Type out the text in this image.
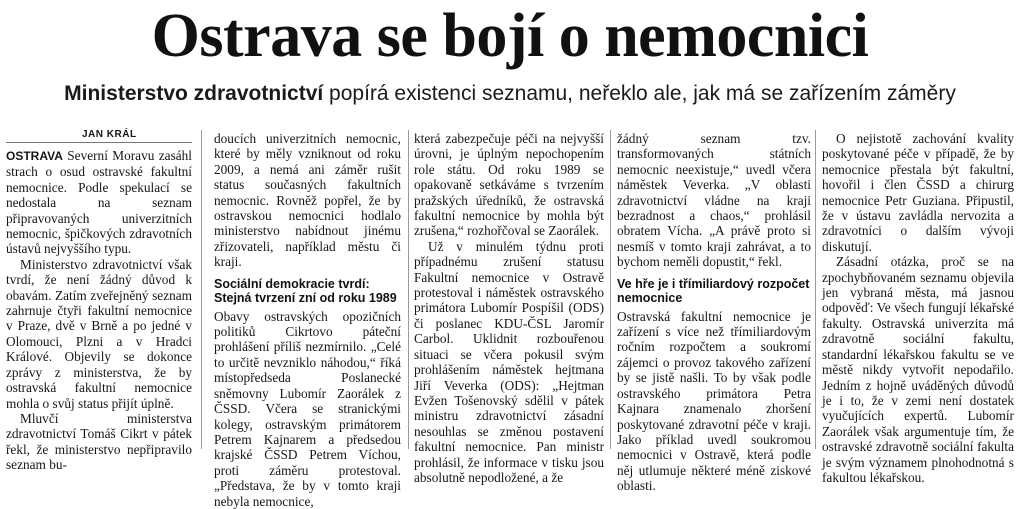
Ostrava se bojí o nemocnici
Ministerstvo zdravotnictví popírá existenci seznamu, neřeklo ale, jak má se zařízením záměry
JAN KRÁL

OSTRAVA Severní Moravu zasáhl strach o osud ostravské fakultní nemocnice. Podle spekulací se nedostala na seznam připravovaných univerzitních nemocnic, špičkových zdravotních ústavů nejvyššího typu.

Ministerstvo zdravotnictví však tvrdí, že není žádný důvod k obavám. Zatím zveřejněný seznam zahrnuje čtyři fakultní nemocnice v Praze, dvě v Brně a po jedné v Olomouci, Plzni a v Hradci Králové. Objevily se dokonce zprávy z ministerstva, že by ostravská fakultní nemocnice mohla o svůj status přijít úplně.

Mluvčí ministerstva zdravotnictví Tomáš Cikrt v pátek řekl, že ministerstvo nepřipravilo seznam bu-

doucích univerzitních nemocnic, které by měly vzniknout od roku 2009, a nemá ani záměr rušit status současných fakultních nemocnic. Rovněž popřel, že by ostravskou nemocnici hodlalo ministerstvo nabídnout jinému zřizovateli, například městu či kraji.

Sociální demokracie tvrdí: Stejná tvrzení zní od roku 1989

Obavy ostravských opozičních politiků Cikrtovo páteční prohlášení příliš nezmírnilo. „Celé to určitě nevzniklo náhodou,“ říká místopředseda Poslanecké sněmovny Lubomír Zaorálek z ČSSD. Včera se stranickými kolegy, ostravským primátorem Petrem Kajnarem a předsedou krajské ČSSD Petrem Víchou, proti záměru protestoval. „Představa, že by v tomto kraji nebyla nemocnice,

která zabezpečuje péči na nejvyšší úrovni, je úplným nepochopením role státu. Od roku 1989 se opakovaně setkáváme s tvrzením pražských úředníků, že ostravská fakultní nemocnice by mohla být zrušena,“ rozhořčoval se Zaorálek.

Už v minulém týdnu proti případnému zrušení statusu Fakultní nemocnice v Ostravě protestoval i náměstek ostravského primátora Lubomír Pospíšil (ODS) či poslanec KDU-ČSL Jaromír Carbol. Uklidnit rozbouřenou situaci se včera pokusil svým prohlášením náměstek hejtmana Jiří Veverka (ODS): „Hejtman Evžen Tošenovský sdělil v pátek ministru zdravotnictví zásadní nesouhlas se změnou postavení fakultní nemocnice. Pan ministr prohlásil, že informace v tisku jsou absolutně nepodložené, a že

žádný seznam tzv. transformovaných státních nemocnic neexistuje,“ uvedl včera náměstek Veverka. „V oblasti zdravotnictví vládne na kraji bezradnost a chaos,“ prohlásil obratem Vícha. „A právě proto si nesmíš v tomto kraji zahrávat, a to bychom neměli dopustit,“ řekl.

Ve hře je i třímiliardový rozpočet nemocnice

Ostravská fakultní nemocnice je zařízení s více než třímiliardovým ročním rozpočtem a soukromí zájemci o provoz takového zařízení by se jistě našli. To by však podle ostravského primátora Petra Kajnara znamenalo zhoršení poskytované zdravotní péče v kraji. Jako příklad uvedl soukromou nemocnici v Ostravě, která podle něj utlumuje některé méně ziskové oblasti.

O nejistotě zachování kvality poskytované péče v případě, že by nemocnice přestala být fakultní, hovořil i člen ČSSD a chirurg nemocnice Petr Guziana. Připustil, že v ústavu zavládla nervozita a zdravotníci o dalším vývoji diskutují.

Zásadní otázka, proč se na zpochybňovaném seznamu objevila jen vybraná města, má jasnou odpověď: Ve všech fungují lékařské fakulty. Ostravská univerzita má zdravotně sociální fakultu, standardní lékařskou fakultu se ve městě nikdy vytvořit nepodařilo. Jedním z hojně uváděných důvodů je i to, že v zemi není dostatek vyučujících expertů. Lubomír Zaorálek však argumentuje tím, že ostravské zdravotně sociální fakulta je svým významem plnohodnotná s fakultou lékařskou.
